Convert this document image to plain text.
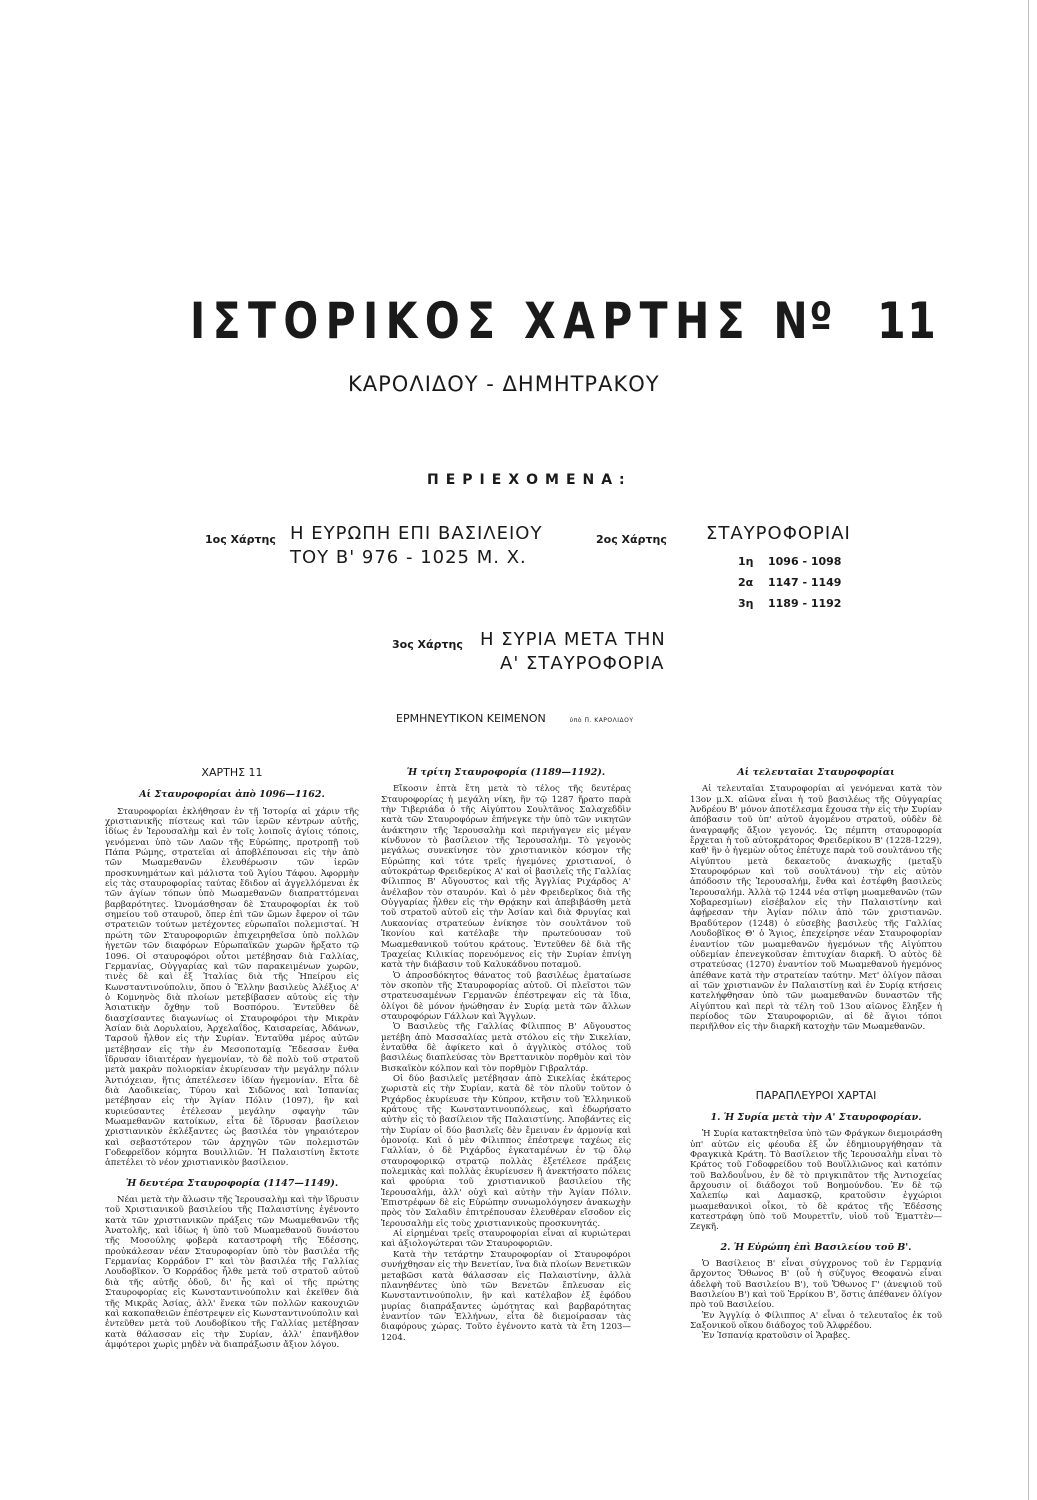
ΙΣΤΟΡΙΚΟΣ ΧΑΡΤΗΣ Nº 11
ΚΑΡΟΛΙΔΟΥ - ΔΗΜΗΤΡΑΚΟΥ
ΠΕΡΙΕΧΟΜΕΝΑ:
1ος Χάρτης Η ΕΥΡΩΠΗ ΕΠΙ ΒΑΣΙΛΕΙΟΥ
ΤΟΥ Β' 976 - 1025 Μ. Χ.
2ος Χάρτης ΣΤΑΥΡΟΦΟΡΙΑΙ
1η 1096 - 1098
2α 1147 - 1149
3η 1189 - 1192
3ος Χάρτης Η ΣΥΡΙΑ ΜΕΤΑ ΤΗΝ
Α' ΣΤΑΥΡΟΦΟΡΙΑ
ΕΡΜΗΝΕΥΤΙΚΟΝ ΚΕΙΜΕΝΟΝ	ὑπὸ Π. ΚΑΡΟΛΙΔΟΥ
ΧΑΡΤΗΣ 11
Αἱ Σταυροφορίαι ἀπὸ 1096—1162.

Σταυροφορίαι ἐκλήθησαν ἐν τῇ Ἱστορίᾳ αἱ χάριν τῆς χριστιανικῆς πίστεως καὶ τῶν ἱερῶν κέντρων αὐτῆς, ἰδίως ἐν Ἱερουσαλὴμ καὶ ἐν τοῖς λοιποῖς ἁγίοις τόποις, γενόμεναι ὑπὸ τῶν Λαῶν τῆς Εὐρώπης, προτροπῇ τοῦ Πάπα Ρώμης, στρατεῖαι αἱ ἀποβλέπουσαι εἰς τὴν ἀπὸ τῶν Μωαμεθανῶν ἐλευθέρωσιν τῶν ἱερῶν προσκυνημάτων καὶ μάλιστα τοῦ Ἁγίου Τάφου. Ἀφορμὴν εἰς τὰς σταυροφορίας ταύτας ἔδιδον αἱ ἀγγελλόμεναι ἐκ τῶν ἁγίων τόπων ὑπὸ Μωαμεθανῶν διαπραττόμεναι βαρβαρότητες. Ὠνομάσθησαν δὲ Σταυροφορίαι ἐκ τοῦ σημείου τοῦ σταυροῦ, ὅπερ ἐπὶ τῶν ὤμων ἔφερον οἱ τῶν στρατειῶν τούτων μετέχοντες εὐρωπαῖοι πολεμισταί. Ἡ πρώτη τῶν Σταυροφοριῶν ἐπιχειρηθεῖσα ὑπὸ πολλῶν ἡγετῶν τῶν διαφόρων Εὐρωπαϊκῶν χωρῶν ἤρξατο τῷ 1096. Οἱ σταυροφόροι οὗτοι μετέβησαν διὰ Γαλλίας, Γερμανίας, Οὑγγαρίας καὶ τῶν παρακειμένων χωρῶν, τινὲς δὲ καὶ ἐξ Ἰταλίας διὰ τῆς Ἠπείρου εἰς Κωνσταντινούπολιν, ὅπου ὁ Ἕλλην βασιλεὺς Ἀλέξιος Α' ὁ Κομνηνὸς διὰ πλοίων μετεβίβασεν αὐτοὺς εἰς τὴν Ἀσιατικὴν ὄχθην τοῦ Βοσπόρου. Ἐντεῦθεν δὲ διασχίσαντες διαγωνίως οἱ Σταυροφόροι τὴν Μικρὰν Ἀσίαν διὰ Δορυλαίου, Ἀρχελαΐδος, Καισαρείας, Ἀδάνων, Ταρσοῦ ἦλθον εἰς τὴν Συρίαν. Ἐνταῦθα μέρος αὐτῶν μετέβησαν εἰς τὴν ἐν Μεσοποταμίᾳ Ἔδεσσαν ἔνθα ἵδρυσαν ἰδιαιτέραν ἡγεμονίαν, τὸ δὲ πολὺ τοῦ στρατοῦ μετὰ μακρὰν πολιορκίαν ἐκυρίευσαν τὴν μεγάλην πόλιν Ἀντιόχειαν, ἥτις ἀπετέλεσεν ἰδίαν ἡγεμονίαν. Εἶτα δὲ διὰ Λαοδικείας, Τύρου καὶ Σιδῶνος καὶ Ἰσπανίας μετέβησαν εἰς τὴν Ἁγίαν Πόλιν (1097), ἣν καὶ κυριεύσαντες ἐτέλεσαν μεγάλην σφαγὴν τῶν Μωαμεθανῶν κατοίκων, εἶτα δὲ ἵδρυσαν βασίλειον χριστιανικὸν ἐκλέξαντες ὡς βασιλέα τὸν γηραιότερον καὶ σεβαστότερον τῶν ἀρχηγῶν τῶν πολεμιστῶν Γοδεφρεῖδον κόμητα Βουιλλιῶν. Ἡ Παλαιστίνη ἔκτοτε ἀπετέλει τὸ νέον χριστιανικὸν βασίλειον.

Ἡ δευτέρα Σταυροφορία (1147—1149).

Νέαι μετὰ τὴν ἅλωσιν τῆς Ἱερουσαλὴμ καὶ τὴν ἵδρυσιν τοῦ Χριστιανικοῦ βασιλείου τῆς Παλαιστίνης ἐγένοντο κατὰ τῶν χριστιανικῶν πράξεις τῶν Μωαμεθανῶν τῆς Ἀνατολῆς, καὶ ἰδίως ἡ ὑπὸ τοῦ Μωαμεθανοῦ δυνάστου τῆς Μοσούλης φοβερὰ καταστροφὴ τῆς Ἐδέσσης, προὐκάλεσαν νέαν Σταυροφορίαν ὑπὸ τὸν βασιλέα τῆς Γερμανίας Κορράδον Γ' καὶ τὸν βασιλέα τῆς Γαλλίας Λουδοβῖκον. Ὁ Κορράδος ἦλθε μετὰ τοῦ στρατοῦ αὐτοῦ διὰ τῆς αὐτῆς ὁδοῦ, δι' ἧς καὶ οἱ τῆς πρώτης Σταυροφορίας εἰς Κωνσταντινούπολιν καὶ ἐκεῖθεν διὰ τῆς Μικρᾶς Ἀσίας, ἀλλ' ἕνεκα τῶν πολλῶν κακουχιῶν καὶ κακοπαθειῶν ἐπέστρεψεν εἰς Κωνσταντινούπολιν καὶ ἐντεῦθεν μετὰ τοῦ Λουδοβίκου τῆς Γαλλίας μετέβησαν κατὰ θάλασσαν εἰς τὴν Συρίαν, ἀλλ' ἐπανῆλθον ἀμφότεροι χωρὶς μηδὲν νὰ διαπράξωσιν ἄξιον λόγου.

Ἡ τρίτη Σταυροφορία (1189—1192).

Εἴκοσιν ἑπτὰ ἔτη μετὰ τὸ τέλος τῆς δευτέρας Σταυροφορίας ἡ μεγάλη νίκη, ἣν τῷ 1287 ἤρατο παρὰ τὴν Τιβεριάδα ὁ τῆς Αἰγύπτου Σουλτᾶνος Σαλαχεδδὶν κατὰ τῶν Σταυροφόρων ἐπήνεγκε τὴν ὑπὸ τῶν νικητῶν ἀνάκτησιν τῆς Ἱερουσαλὴμ καὶ περιήγαγεν εἰς μέγαν κίνδυνον τὸ βασίλειον τῆς Ἱερουσαλήμ. Τὸ γεγονὸς μεγάλως συνεκίνησε τὸν χριστιανικὸν κόσμον τῆς Εὐρώπης καὶ τότε τρεῖς ἡγεμόνες χριστιανοί, ὁ αὐτοκράτωρ Φρειδερίκος Α' καὶ οἱ βασιλεῖς τῆς Γαλλίας Φίλιππος Β' Αὔγουστος καὶ τῆς Ἀγγλίας Ριχάρδος Α' ἀνέλαβον τὸν σταυρόν. Καὶ ὁ μὲν Φρειδερῖκος διὰ τῆς Οὑγγαρίας ἦλθεν εἰς τὴν Θρᾴκην καὶ ἀπεβιβάσθη μετὰ τοῦ στρατοῦ αὐτοῦ εἰς τὴν Ἀσίαν καὶ διὰ Φρυγίας καὶ Λυκαονίας στρατεύων ἐνίκησε τὸν σουλτᾶνον τοῦ Ἰκονίου καὶ κατέλαβε τὴν πρωτεύουσαν τοῦ Μωαμεθανικοῦ τούτου κράτους. Ἐντεῦθεν δὲ διὰ τῆς Τραχείας Κιλικίας πορευόμενος εἰς τὴν Συρίαν ἐπνίγη κατὰ τὴν διάβασιν τοῦ Καλυκάδνου ποταμοῦ.

Ὁ ἀπροσδόκητος θάνατος τοῦ βασιλέως ἐματαίωσε τὸν σκοπὸν τῆς Σταυροφορίας αὐτοῦ. Οἱ πλεῖστοι τῶν στρατευσαμένων Γερμανῶν ἐπέστρεψαν εἰς τὰ ἴδια, ὀλίγοι δὲ μόνον ἠνώθησαν ἐν Συρίᾳ μετὰ τῶν ἄλλων σταυροφόρων Γάλλων καὶ Ἄγγλων.

Ὁ Βασιλεὺς τῆς Γαλλίας Φίλιππος Β' Αὔγουστος μετέβη ἀπὸ Μασσαλίας μετὰ στόλου εἰς τὴν Σικελίαν, ἐνταῦθα δὲ ἀφίκετο καὶ ὁ ἀγγλικὸς στόλος τοῦ βασιλέως διαπλεύσας τὸν Βρεττανικὸν πορθμὸν καὶ τὸν Βισκαϊκὸν κόλπον καὶ τὸν πορθμὸν Γιβραλτάρ.

Οἱ δύο βασιλεῖς μετέβησαν ἀπὸ Σικελίας ἑκάτερος χωριστὰ εἰς τὴν Συρίαν, κατὰ δὲ τὸν πλοῦν τοῦτον ὁ Ριχάρδος ἐκυρίευσε τὴν Κύπρον, κτῆσιν τοῦ Ἑλληνικοῦ κράτους τῆς Κωνσταντινουπόλεως, καὶ ἐδωρήσατο αὐτὴν εἰς τὸ βασίλειον τῆς Παλαιστίνης. Ἀποβάντες εἰς τὴν Συρίαν οἱ δύο βασιλεῖς δὲν ἔμειναν ἐν ἁρμονίᾳ καὶ ὁμονοίᾳ. Καὶ ὁ μὲν Φίλιππος ἐπέστρεψε ταχέως εἰς Γαλλίαν, ὁ δὲ Ριχάρδος ἐγκαταμένων ἐν τῷ ὅλῳ σταυροφορικῷ στρατῷ πολλὰς ἐξετέλεσε πράξεις πολεμικὰς καὶ πολλὰς ἐκυρίευσεν ἢ ἀνεκτήσατο πόλεις καὶ φρούρια τοῦ χριστιανικοῦ βασιλείου τῆς Ἱερουσαλήμ, ἀλλ' οὐχὶ καὶ αὐτὴν τὴν Ἁγίαν Πόλιν. Ἐπιστρέφων δὲ εἰς Εὐρώπην συνωμολόγησεν ἀνακωχὴν πρὸς τὸν Σαλαδὶν ἐπιτρέπουσαν ἐλευθέραν εἴσοδον εἰς Ἱερουσαλὴμ εἰς τοὺς χριστιανικοὺς προσκυνητάς.

Αἱ εἰρημέναι τρεῖς σταυροφορίαι εἶναι αἱ κυριώτεραι καὶ ἀξιολογώτεραι τῶν Σταυροφοριῶν.

Κατὰ τὴν τετάρτην Σταυροφορίαν οἱ Σταυροφόροι συνήχθησαν εἰς τὴν Βενετίαν, ἵνα διὰ πλοίων Βενετικῶν μεταβῶσι κατὰ θάλασσαν εἰς Παλαιστίνην, ἀλλὰ πλανηθέντες ὑπὸ τῶν Βενετῶν ἔπλευσαν εἰς Κωνσταντινούπολιν, ἣν καὶ κατέλαβον ἐξ ἐφόδου μυρίας διαπράξαντες ὠμότητας καὶ βαρβαρότητας ἐναντίον τῶν Ἑλλήνων, εἶτα δὲ διεμοίρασαν τὰς διαφόρους χώρας. Τοῦτο ἐγένοντο κατὰ τὰ ἔτη 1203—1204.

Αἱ τελευταῖαι Σταυροφορίαι

Αἱ τελευταῖαι Σταυροφορίαι αἱ γενόμεναι κατὰ τὸν 13ον μ.Χ. αἰῶνα εἶναι ἡ τοῦ βασιλέως τῆς Οὑγγαρίας Ἀνδρέου Β' μόνον ἀποτέλεσμα ἔχουσα τὴν εἰς τὴν Συρίαν ἀπόβασιν τοῦ ὑπ' αὐτοῦ ἀγομένου στρατοῦ, οὐδὲν δὲ ἀναγραφῆς ἄξιον γεγονός. Ὡς πέμπτη σταυροφορία ἔρχεται ἡ τοῦ αὐτοκράτορος Φρειδερίκου Β' (1228-1229), καθ' ἣν ὁ ἡγεμὼν οὗτος ἐπέτυχε παρὰ τοῦ σουλτάνου τῆς Αἰγύπτου μετὰ δεκαετοῦς ἀνακωχῆς (μεταξὺ Σταυροφόρων καὶ τοῦ σουλτάνου) τὴν εἰς αὐτὸν ἀπόδοσιν τῆς Ἱερουσαλήμ, ἔνθα καὶ ἐστέφθη βασιλεὺς Ἱερουσαλήμ. Ἀλλὰ τῷ 1244 νέα στῖφη μωαμεθανῶν (τῶν Χοβαρεσμίων) εἰσέβαλον εἰς τὴν Παλαιστίνην καὶ ἀφῄρεσαν τὴν Ἁγίαν πόλιν ἀπὸ τῶν χριστιανῶν. Βραδύτερον (1248) ὁ εὐσεβὴς βασιλεὺς τῆς Γαλλίας Λουδοβῖκος Θ' ὁ Ἅγιος, ἐπεχείρησε νέαν Σταυροφορίαν ἐναντίον τῶν μωαμεθανῶν ἡγεμόνων τῆς Αἰγύπτου οὐδεμίαν ἐπενεγκοῦσαν ἐπιτυχίαν διαρκῆ. Ὁ αὐτὸς δὲ στρατεύσας (1270) ἐναντίον τοῦ Μωαμεθανοῦ ἡγεμόνος ἀπέθανε κατὰ τὴν στρατείαν ταύτην. Μετ' ὀλίγον πᾶσαι αἱ τῶν χριστιανῶν ἐν Παλαιστίνῃ καὶ ἐν Συρίᾳ κτήσεις κατελήφθησαν ὑπὸ τῶν μωαμεθανῶν δυναστῶν τῆς Αἰγύπτου καὶ περὶ τὰ τέλη τοῦ 13ου αἰῶνος ἔληξεν ἡ περίοδος τῶν Σταυροφοριῶν, αἱ δὲ ἅγιοι τόποι περιῆλθον εἰς τὴν διαρκῆ κατοχὴν τῶν Μωαμεθανῶν.

ΠΑΡΑΠΛΕΥΡΟΙ ΧΑΡΤΑΙ
1. Ἡ Συρία μετὰ τὴν Α' Σταυροφορίαν.

Ἡ Συρία κατακτηθεῖσα ὑπὸ τῶν Φράγκων διεμοιράσθη ὑπ' αὐτῶν εἰς φέουδα ἐξ ὧν ἐδημιουργήθησαν τὰ Φραγκικὰ Κράτη. Τὸ Βασίλειον τῆς Ἱερουσαλὴμ εἶναι τὸ Κράτος τοῦ Γοδοφρείδου τοῦ Βουϊλλιῶνος καὶ κατόπιν τοῦ Βαλδουΐνου, ἐν δὲ τὸ πριγκιπᾶτον τῆς Ἀντιοχείας ἄρχουσιν οἱ διάδοχοι τοῦ Βοημούνδου. Ἐν δὲ τῷ Χαλεπίῳ καὶ Δαμασκῷ, κρατοῦσιν ἐγχώριοι μωαμεθανικοὶ οἶκοι, τὸ δὲ κράτος τῆς Ἐδέσσης κατεστράφη ὑπὸ τοῦ Μουρεττῖν, υἱοῦ τοῦ Ἐματτὲν—Ζεγκῆ.

2. Ἡ Εὐρώπη ἐπὶ Βασιλείου τοῦ Β'.

Ὁ Βασίλειος Β' εἶναι σύγχρονος τοῦ ἐν Γερμανίᾳ ἄρχοντος Ὄθωνος Β' (οὗ ἡ σύζυγος Θεοφανὼ εἶναι ἀδελφὴ τοῦ Βασιλείου Β'), τοῦ Ὄθωνος Γ' (ἀνεψιοῦ τοῦ Βασιλείου Β') καὶ τοῦ Ἐρρίκου Β', ὅστις ἀπέθανεν ὀλίγον πρὸ τοῦ Βασιλείου.

Ἐν Ἀγγλίᾳ ὁ Φίλιππος Α' εἶναι ὁ τελευταῖος ἐκ τοῦ Σαξονικοῦ οἴκου διάδοχος τοῦ Ἀλφρέδου.

Ἐν Ἰσπανίᾳ κρατοῦσιν οἱ Ἄραβες.
